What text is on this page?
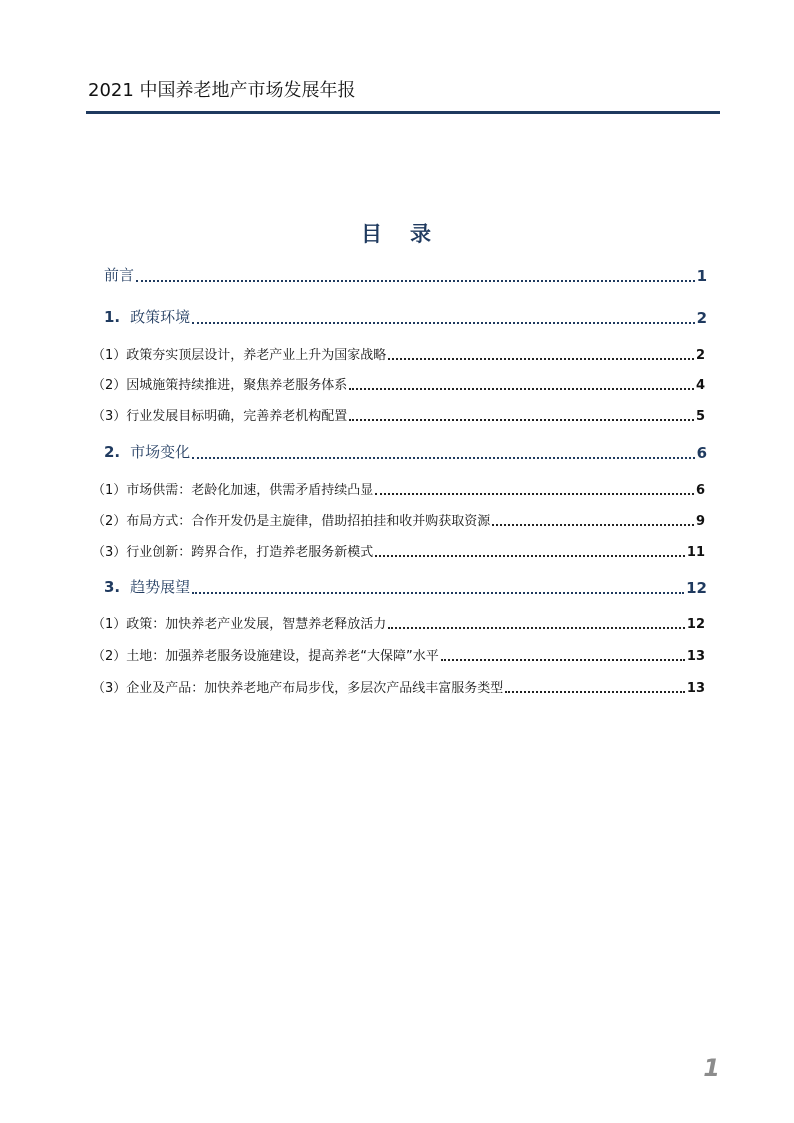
2021 中国养老地产市场发展年报
目 录
前言	1
1. 政策环境	2
（1）政策夯实顶层设计，养老产业上升为国家战略	2
（2）因城施策持续推进，聚焦养老服务体系	4
（3）行业发展目标明确，完善养老机构配置	5
2. 市场变化	6
（1）市场供需：老龄化加速，供需矛盾持续凸显	6
（2）布局方式：合作开发仍是主旋律，借助招拍挂和收并购获取资源	9
（3）行业创新：跨界合作，打造养老服务新模式	11
3. 趋势展望	12
（1）政策：加快养老产业发展，智慧养老释放活力	12
（2）土地：加强养老服务设施建设，提高养老“大保障”水平	13
（3）企业及产品：加快养老地产布局步伐，多层次产品线丰富服务类型	13
1
